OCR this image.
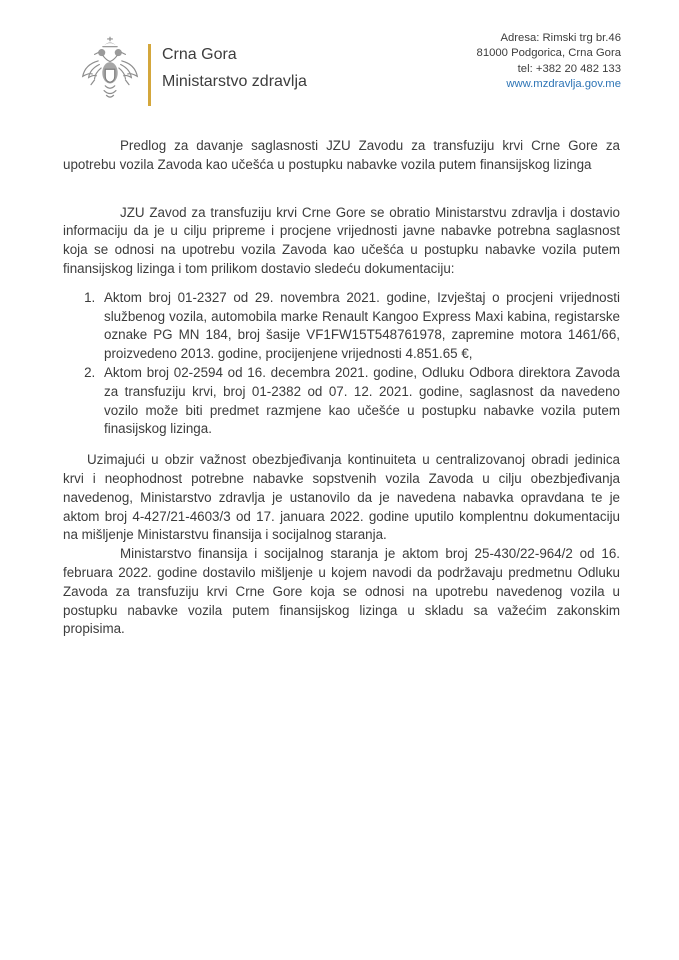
Crna Gora
Ministarstvo zdravlja
Adresa: Rimski trg br.46
81000 Podgorica, Crna Gora
tel: +382 20 482 133
www.mzdravlja.gov.me

Predlog za davanje saglasnosti JZU Zavodu za transfuziju krvi Crne Gore za upotrebu vozila Zavoda kao učešća u postupku nabavke vozila putem finansijskog lizinga

JZU Zavod za transfuziju krvi Crne Gore se obratio Ministarstvu zdravlja i dostavio informaciju da je u cilju pripreme i procjene vrijednosti javne nabavke potrebna saglasnost koja se odnosi na upotrebu vozila Zavoda kao učešća u postupku nabavke vozila putem finansijskog lizinga i tom prilikom dostavio sledeću dokumentaciju:

1. Aktom broj 01-2327 od 29. novembra 2021. godine, Izvještaj o procjeni vrijednosti službenog vozila, automobila marke Renault Kangoo Express Maxi kabina, registarske oznake PG MN 184, broj šasije VF1FW15T548761978, zapremine motora 1461/66, proizvedeno 2013. godine, procijenjene vrijednosti 4.851.65 €,
2. Aktom broj 02-2594 od 16. decembra 2021. godine, Odluku Odbora direktora Zavoda za transfuziju krvi, broj 01-2382 od 07. 12. 2021. godine, saglasnost da navedeno vozilo može biti predmet razmjene kao učešće u postupku nabavke vozila putem finasijskog lizinga.

Uzimajući u obzir važnost obezbjeđivanja kontinuiteta u centralizovanoj obradi jedinica krvi i neophodnost potrebne nabavke sopstvenih vozila Zavoda u cilju obezbjeđivanja navedenog, Ministarstvo zdravlja je ustanovilo da je navedena nabavka opravdana te je aktom broj 4-427/21-4603/3 od 17. januara 2022. godine uputilo komplentnu dokumentaciju na mišljenje Ministarstvu finansija i socijalnog staranja.

Ministarstvo finansija i socijalnog staranja je aktom broj 25-430/22-964/2 od 16. februara 2022. godine dostavilo mišljenje u kojem navodi da podržavaju predmetnu Odluku Zavoda za transfuziju krvi Crne Gore koja se odnosi na upotrebu navedenog vozila u postupku nabavke vozila putem finansijskog lizinga u skladu sa važećim zakonskim propisima.
